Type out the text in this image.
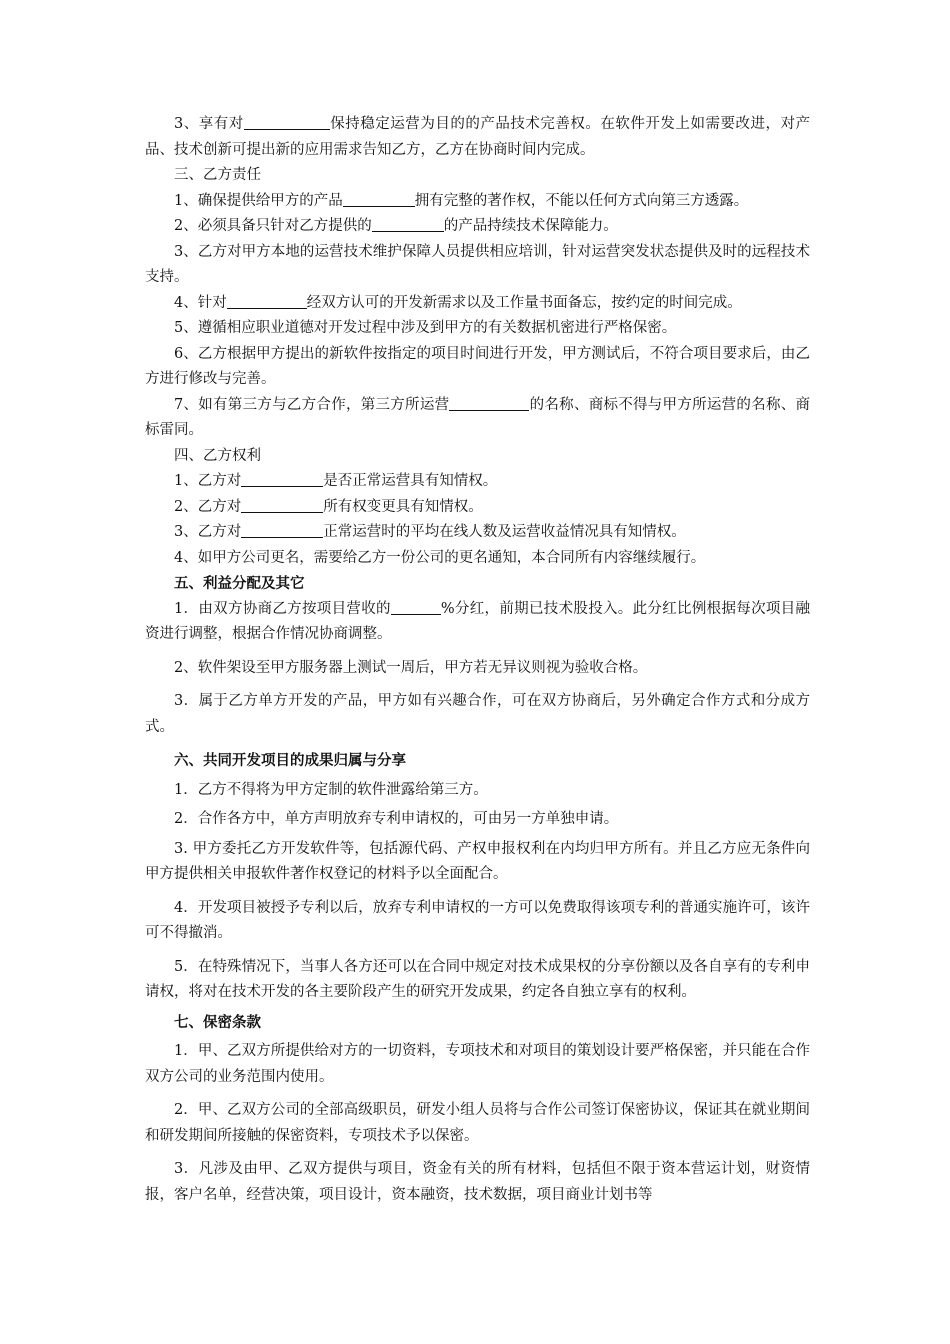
3、享有对	保持稳定运营为目的的产品技术完善权。在软件开发上如需要改进，对产品、技术创新可提出新的应用需求告知乙方，乙方在协商时间内完成。

三、乙方责任

1、确保提供给甲方的产品	拥有完整的著作权，不能以任何方式向第三方透露。

2、必须具备只针对乙方提供的	的产品持续技术保障能力。

3、乙方对甲方本地的运营技术维护保障人员提供相应培训，针对运营突发状态提供及时的远程技术支持。

4、针对	经双方认可的开发新需求以及工作量书面备忘，按约定的时间完成。

5、遵循相应职业道德对开发过程中涉及到甲方的有关数据机密进行严格保密。

6、乙方根据甲方提出的新软件按指定的项目时间进行开发，甲方测试后，不符合项目要求后，由乙方进行修改与完善。

7、如有第三方与乙方合作，第三方所运营	的名称、商标不得与甲方所运营的名称、商标雷同。

四、乙方权利

1、乙方对	是否正常运营具有知情权。

2、乙方对	所有权变更具有知情权。

3、乙方对	正常运营时的平均在线人数及运营收益情况具有知情权。

4、如甲方公司更名，需要给乙方一份公司的更名通知，本合同所有内容继续履行。

五、利益分配及其它

1．由双方协商乙方按项目营收的	%分红，前期已技术股投入。此分红比例根据每次项目融资进行调整，根据合作情况协商调整。

2、软件架设至甲方服务器上测试一周后，甲方若无异议则视为验收合格。

3．属于乙方单方开发的产品，甲方如有兴趣合作，可在双方协商后，另外确定合作方式和分成方式。

六、共同开发项目的成果归属与分享

1．乙方不得将为甲方定制的软件泄露给第三方。

2．合作各方中，单方声明放弃专利申请权的，可由另一方单独申请。

3. 甲方委托乙方开发软件等，包括源代码、产权申报权利在内均归甲方所有。并且乙方应无条件向甲方提供相关申报软件著作权登记的材料予以全面配合。

4．开发项目被授予专利以后，放弃专利申请权的一方可以免费取得该项专利的普通实施许可，该许可不得撤消。

5．在特殊情况下，当事人各方还可以在合同中规定对技术成果权的分享份额以及各自享有的专利申请权，将对在技术开发的各主要阶段产生的研究开发成果，约定各自独立享有的权利。

七、保密条款

1．甲、乙双方所提供给对方的一切资料，专项技术和对项目的策划设计要严格保密，并只能在合作双方公司的业务范围内使用。

2．甲、乙双方公司的全部高级职员，研发小组人员将与合作公司签订保密协议，保证其在就业期间和研发期间所接触的保密资料，专项技术予以保密。

3．凡涉及由甲、乙双方提供与项目，资金有关的所有材料，包括但不限于资本营运计划，财资情报，客户名单，经营决策，项目设计，资本融资，技术数据，项目商业计划书等
